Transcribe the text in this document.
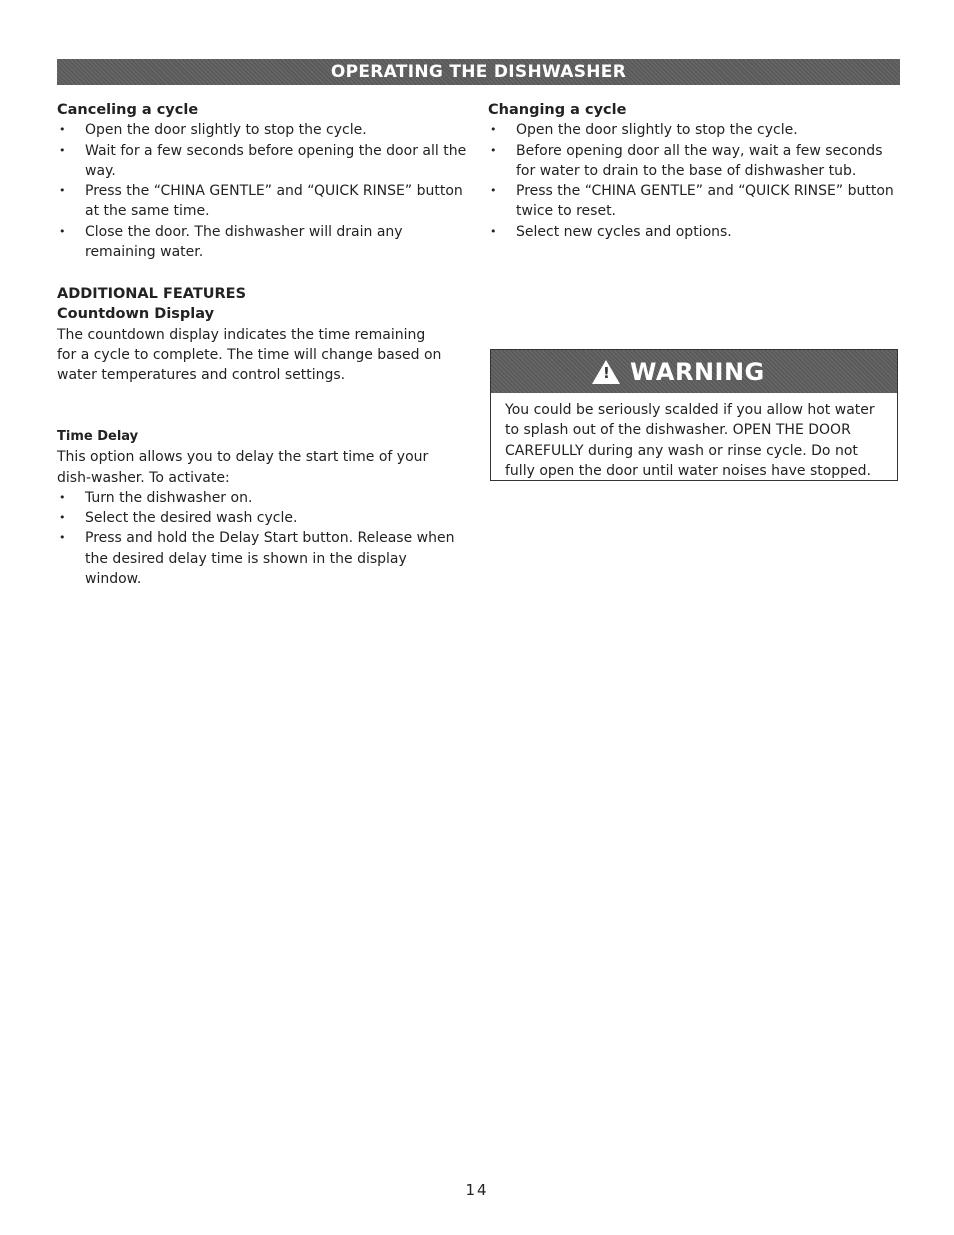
OPERATING THE DISHWASHER
Canceling a cycle
• Open the door slightly to stop the cycle.
• Wait for a few seconds before opening the door all the way.
• Press the “CHINA GENTLE” and “QUICK RINSE” button at the same time.
• Close the door. The dishwasher will drain any remaining water.
Changing a cycle
• Open the door slightly to stop the cycle.
• Before opening door all the way, wait a few seconds for water to drain to the base of dishwasher tub.
• Press the “CHINA GENTLE” and “QUICK RINSE” button twice to reset.
• Select new cycles and options.
ADDITIONAL FEATURES
Countdown Display

The countdown display indicates the time remaining for a cycle to complete. The time will change based on water temperatures and control settings.

Time Delay

This option allows you to delay the start time of your dish-washer. To activate:

• Turn the dishwasher on.
• Select the desired wash cycle.
• Press and hold the Delay Start button. Release when the desired delay time is shown in the display window.
! WARNING
You could be seriously scalded if you allow hot water to splash out of the dishwasher. OPEN THE DOOR CAREFULLY during any wash or rinse cycle. Do not fully open the door until water noises have stopped.
14
